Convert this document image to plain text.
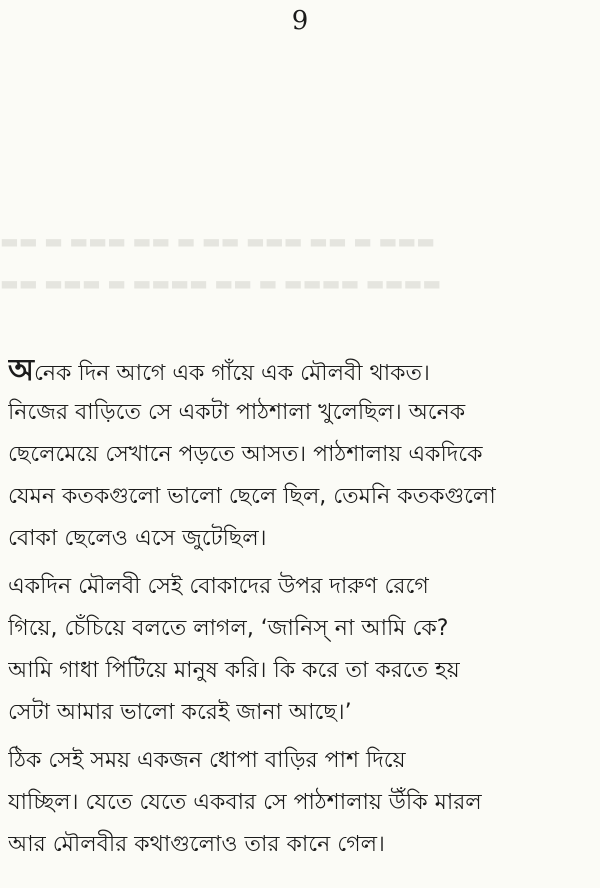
9
▬▬ ▬ ▬▬▬ ▬▬ ▬ ▬▬ ▬▬▬ ▬▬ ▬ ▬▬▬
▬▬ ▬▬▬ ▬ ▬▬▬▬ ▬▬ ▬ ▬▬▬▬ ▬▬▬▬
অনেক দিন আগে এক গাঁয়ে এক মৌলবী থাকত।
নিজের বাড়িতে সে একটা পাঠশালা খুলেছিল। অনেক
ছেলেমেয়ে সেখানে পড়তে আসত। পাঠশালায় একদিকে
যেমন কতকগুলো ভালো ছেলে ছিল, তেমনি কতকগুলো
বোকা ছেলেও এসে জুটেছিল।
একদিন মৌলবী সেই বোকাদের উপর দারুণ রেগে
গিয়ে, চেঁচিয়ে বলতে লাগল, ‘জানিস্ না আমি কে?
আমি গাধা পিটিয়ে মানুষ করি। কি করে তা করতে হয়
সেটা আমার ভালো করেই জানা আছে।’
ঠিক সেই সময় একজন ধোপা বাড়ির পাশ দিয়ে
যাচ্ছিল। যেতে যেতে একবার সে পাঠশালায় উঁকি মারল
আর মৌলবীর কথাগুলোও তার কানে গেল।
